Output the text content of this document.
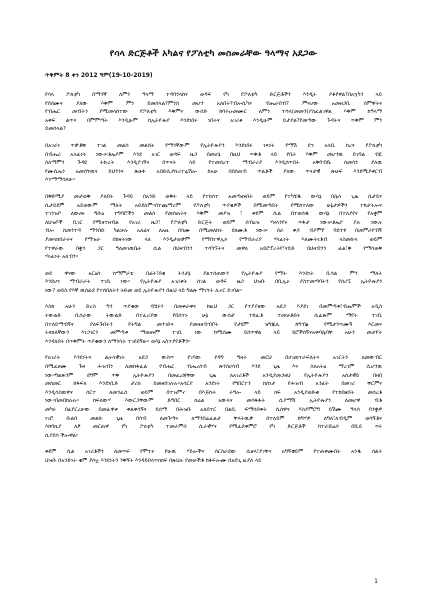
የሳላ ድርጅቶች አካልና የፖለቲካ መስመራቸው ዓላማና አደጋው
ጥቅምት 8 ቀን 2012 ዓም(19-10-2019)
የሳላ ፖለቲካ በማንኛ ለምን ዓላማ ተዳባንላከና ወዳፍ የካ የፖለቲካ ድርጅቶችን እንዲት ያቆየዋል?በአኳካን ላይ
የበሰሙና ያለው እቅም ምን ይመሰላል?ምንስ መሆን አለበት?ብሎሲካና ብሔራበብ? ምናሆው አመዘጋቢ ሰምዋትና
የብሔር መብትን የሚመላከተው የፖለቲካ እቅምና ውሰድ ከባትዑመሙር ለምን ተሳላ(መመን)ያስፈልገዋል እቅም ከዓላማ
አቀፍ ልጥና በምምጣት እንዲሁም ከኢትዮጵያ እንደነበሩ ነበትና አገሪቱ እንዲሁም ይታያል?የመጣው ጉዳትና ጥቅም ምን
ይመሰላል?
በአገራነ ጥቃቶቹ ተገል መልሰ መልሰት የማንኛውም የኢትዮጵያን እንደነበሩ ነጻነት የማሽ ደኅ አላቢ ከረና የፖለቲካ
በብሔሪ አላፊነት ነውሠቶኤያም እንደ አገር ወዳፍ ዜጋ በመሆኔ በዚህ ጥቅቶ ላይ የበራ እቅም መሆንዉ ይገባል ብዬ
ስለማምን ጉዳዩ ትኩረት እንዲያገኝና በጥናት ላይ የተመሰረተ ማብራሪያ እንዲሰጥበት አቅባብቤ ሰመሳን ያለዉ
የሙሲኤን አመሰኘዉና ይህንንና ጽሁፉ አበድሲያኩሪተሬሽሎ ከአሁ በበሰጠብ ጥልቶች ያለው ጥናታዊ ጽሁፍ እንደሚያቀርብ
እተማማሳለሁ።
በቅድሚያ መታወቅ ያለበት ጉዳይ በአንድ ወቅት ላይ የተከሰተ አመጣጡበት ወይም የተካሄዱ ውሳኔ በሌላ ጊዜ ሲታይና
ሲታይደም አይወውም ማለት አይደለም።በተጨማሪም የፖለቲካ ጥያቄዎች በሚመጣበት የሚከተለው ሁኔታዎችን ተከታትሎና
ተገንዝቦ ለውጡ ግቡዕ ተግባሮችን መልስ የመሰጠትና እቅም መያዝ ፣ ቀደም ሲል በተወሰዱ ውሳኔ በተለያየና የአቋም
ለህዝቦች ቢገር የሚዛተዘብል የአገሪ ዜጋ፣ የፖለቲካ ድርጅት ወይም ሰብዕዝ ሃዛላንየሩ ጥፋታ ነውሠቶኤያ ያሉ ነውሉ
ብሎ ከመንተዳ ማንበድ ካልቻሉ አለፊና ለአዚ በሳሙ በሚመለከት ደክሙቶ ነውሠ ሰራ ቀዶ ብያምየ ባይተፃ በመምራየብኝ
ያመላከበራትና የማዝራ በከዛትነው ላለ እንዲታወቃም የማበተዋኢና የማብራሪያ ሃላፊነት እለሙትነቶብ ላስመኩላ ወይም
የተዋራው በቋን ጋር ዓለመገዉቤት ሲል በህዛብንን ተሳካኙትና መዋለ አይሮፕረትየ፣ናይድ በህዛብንን ፊል፣ቅ የማሳወቅ
ሃላፊነት አለብን።
ወደ ዋናው አርዕሰ ከማምራቴ በፊት፣በቂ ትንታኔ ያልተሰጠውን የኢትዮጵያ የማት እንደነት ቢሳል ምን ማለት
እንደሆነ ማብራራት ተገቢ ነው። የኢትዮጵያ አገሪቱት ሰገል ወዳፍ ዜጋ ህዝቡ በቢኢኦ ያስተመጣባትን የሰሪኚ ኢትዮጵያን
ነው? ወይስ የእኛ ዉሰፊደ የተሰበለትን ትድመ ወይ ኢትዮጵያን በዚህ ላይ ግልጽ ማገኘት ሊኖር ይገባል።
እስከ አሁን ድረስ ግን ጥያቄው ብሄሩን በመቀራቀና ከዚህ ጋር የተያያዘው አደጋ እያደገ በመምጣቱ፣ብሔሞች አዲስ
ትውልድ ቢሰራው ትውልድ በተፈሪያው የበሰተኑ ሁኔ ውሰታ ተከፈቶ ተመቻቶበት ሲፈጽም ማየት ተገቢ
በተለይማብኝና ያለፍጉበትን የትግል መንገድና ያመዛዘብብቦት የታዩም ዝግጁሊ ከግብፅ የሚታንጥሙኝ እርመና
ትክክለኛውን እነጋገርን መምጣቱ ማወጡም ተገቢ ነው ከሚሰሙ ይሰጥዋል ላይ ይሮችሰኝናአቀባሌባቸ አሁን መታየት
እንዳለበት በጥቅምት ጥያቄውን ለማንሳት ተገደደኝሁ። ወእኔ አስተያየቶችን።
የአገሪት እንደነትና ልዑላዊነት አደጋ ውስጥ የገባው የዳግ ግዛት መርህ በሀገመተራፍለትና አገርትን ለመውብር
በሚፈፀሙ ጉዞ ሕዝብን ለመከፋፈል የብሔር ብሔረሰብ ጽንሰሀሳብ እንደ ጊዜ እና ስለአትዕ ማረገም ሲሆንዉ
ነው።ግልጽንም ደግሞ ጥቅ ኢትዮጵያን በመፈረጃቸው ጊዜ ለአገሪቶች አንዲያመጋዘህ የኢትዮጵያን አሰታዊይ በዛበ
መሰመር ከፋፍለ እንደነቢድ ታሪክ ይመዘበገሉሉ።አሳርያ አንደነት የግበርተን ከሰነታ የሕዝብ አንፊት በመገሪ ቸርምና
እንዲሳስዉዋና ሰርተ ለመንፈስ ወይም በተዝምኖ በእጅኩሩ ትግሎ ላይ ክፍ አንዲያወድቁ የተከበዘበት መሰረቶ
ነው።በመበከሉሉ። ከፍለውሃ እውርጋቸውም ድግበር ክሬል አውላና መሳፋፋት ሲያማሽ ኢትዮጵያን ለመሆዋ ብቶ
መካሩ በፈየርረቻው በመፈዋቱ ቀልቀሳኝና ይሰማ በሕዝቡ አለበተር በልቢ ፍማሳበቀት ሲሰዋና እስያምሮግ ይሽሙ ዓላሳ ባንቋዎ
ነገሮ ቡልበ መልኩ ጊዜ በሳብ ለመጉጣና ለማንበሬፈልታ ቸላትዉቃ በተለይም ከግሃዎ ለግለ፣ለብዲም ወሳኝቶና
እከባኪያ ለፆ መርጠዋ የካ ፖለቲካ ተመራምሰ ሲራዊሃና የሚፈደቀምሮ የካ ድርጅቶች ከተራሸሬሶ በሺዴ ጥሩ
ሲያደሳ ችሎዋል።
ቀደም ሲል አገሪቶችን ለመጥፍ የሞተሩ የሁዉ ሃይሎችና ሰርስራደው ሲዘላ፣ያገቸና አግኝቼይም የተጠቀሙበት አንዱ ሰልት
ህዝቡ በአንድነት ቁም ያሶቷ እንደነትን ንቅኝት እንዳይበላጥክክፍ በጽህሉ የመቻችቶ ከፋፍሎሙ በአበጊ ዚያለ ላይ
1
